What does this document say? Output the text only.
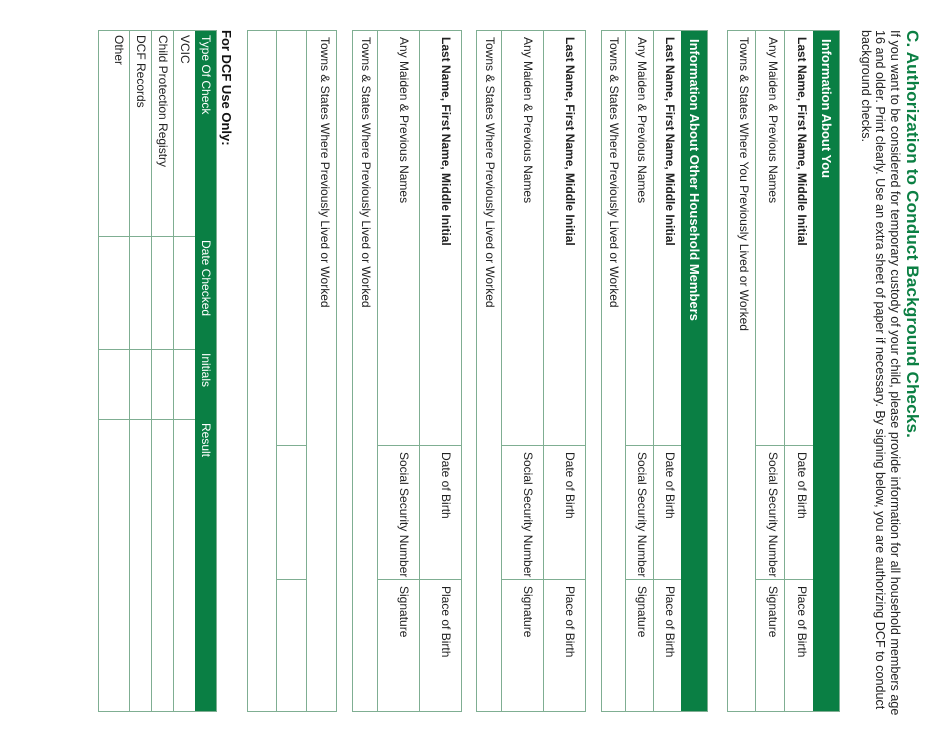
C. Authorization to Conduct Background Checks.

If you want to be considered for temporary custody of your child, please provide information for all household members age 16 and older. Print clearly. Use an extra sheet of paper if necessary. By signing below, you are authorizing DCF to conduct background checks.

Information About You
Last Name, First Name, Middle Initial
Date of Birth
Place of Birth
Any Maiden & Previous Names
Social Security Number
Signature
Towns & States Where You Previously Lived or Worked
Information About Other Household Members
Last Name, First Name, Middle Initial
Date of Birth
Place of Birth
Any Maiden & Previous Names
Social Security Number
Signature
Towns & States Where Previously Lived or Worked
Last Name, First Name, Middle Initial
Date of Birth
Place of Birth
Any Maiden & Previous Names
Social Security Number
Signature
Towns & States Where Previously Lived or Worked
Last Name, First Name, Middle Initial
Date of Birth
Place of Birth
Any Maiden & Previous Names
Social Security Number
Signature
Towns & States Where Previously Lived or Worked
Towns & States Where Previously Lived or Worked
For DCF Use Only:
Type Of Check
Date Checked
Initials
Result
VCIC
Child Protection Registry
DCF Records
Other
